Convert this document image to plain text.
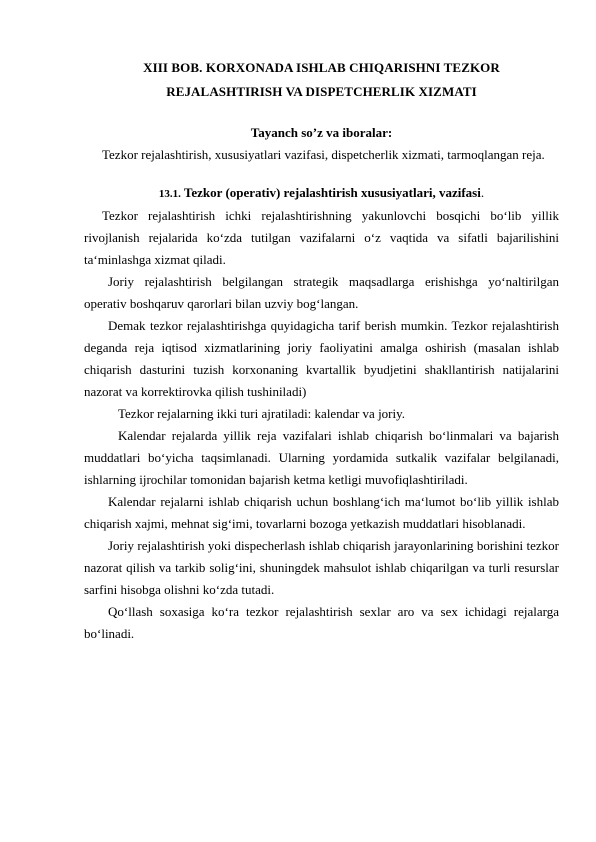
XIII BOB. KORXONADA ISHLAB CHIQARISHNI TEZKOR
REJALASHTIRISH VA DISPETCHERLIK XIZMATI

Tayanch so’z va iboralar:

Tezkor rejalashtirish, xususiyatlari vazifasi, dispetcherlik xizmati, tarmoqlangan reja.

13.1. Tezkor (operativ) rejalashtirish xususiyatlari, vazifasi.

Tezkor rejalashtirish ichki rejalashtirishning yakunlovchi bosqichi bo‘lib yillik rivojlanish rejalarida ko‘zda tutilgan vazifalarni o‘z vaqtida va sifatli bajarilishini ta‘minlashga xizmat qiladi.

Joriy rejalashtirish belgilangan strategik maqsadlarga erishishga yo‘naltirilgan operativ boshqaruv qarorlari bilan uzviy bog‘langan.

Demak tezkor rejalashtirishga quyidagicha tarif berish mumkin. Tezkor rejalashtirish deganda reja iqtisod xizmatlarining joriy faoliyatini amalga oshirish (masalan ishlab chiqarish dasturini tuzish korxonaning kvartallik byudjetini shakllantirish natijalarini nazorat va korrektirovka qilish tushiniladi)

Tezkor rejalarning ikki turi ajratiladi: kalendar va joriy.

Kalendar rejalarda yillik reja vazifalari ishlab chiqarish bo‘linmalari va bajarish muddatlari bo‘yicha taqsimlanadi. Ularning yordamida sutkalik vazifalar belgilanadi, ishlarning ijrochilar tomonidan bajarish ketma ketligi muvofiqlashtiriladi.

Kalendar rejalarni ishlab chiqarish uchun boshlang‘ich ma‘lumot bo‘lib yillik ishlab chiqarish xajmi, mehnat sig‘imi, tovarlarni bozoga yetkazish muddatlari hisoblanadi.

Joriy rejalashtirish yoki dispecherlash ishlab chiqarish jarayonlarining borishini tezkor nazorat qilish va tarkib solig‘ini, shuningdek mahsulot ishlab chiqarilgan va turli resurslar sarfini hisobga olishni ko‘zda tutadi.

Qo‘llash soxasiga ko‘ra tezkor rejalashtirish sexlar aro va sex ichidagi rejalarga bo‘linadi.
